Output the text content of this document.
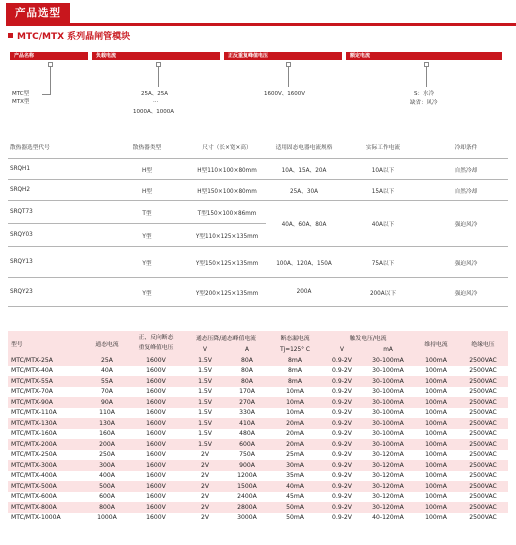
产品选型
MTC/MTX 系列晶闸管模块
产品名称	负载电流	正反重复峰值电压	额定电流
MTC型
MTX型
25A、25A
...
1000A、1000A
1600V、1600V	S：水冷
缺省：风冷
散热器选型代号	散热器类型	尺寸（长×宽×高）	适用固态电器电流规格	实际工作电流	冷却条件
SRQH1	H型	H型110×100×80mm	10A、15A、20A	10A以下	自然冷却
SRQH2	H型	H型150×100×80mm	25A、30A	15A以下	自然冷却
SRQT73	T型	T型150×100×86mm	40A、60A、80A	40A以下	强迫风冷
SRQY03	Y型	Y型110×125×135mm			
SRQY13	Y型	Y型150×125×135mm	100A、120A、150A	75A以下	强迫风冷
SRQY23	Y型	Y型200×125×135mm	200A	200A以下	强迫风冷
型号	通态电流	正、反向断态
重复峰值电压	通态压降/通态峰值电流		断态漏电流	触发电压/电流		维持电流	绝缘电压
			V	A	Tj=125° C	V	mA		
MTC/MTX-25A	25A	1600V	1.5V	80A	8mA	0.9-2V	30-100mA	100mA	2500VAC
MTC/MTX-40A	40A	1600V	1.5V	80A	8mA	0.9-2V	30-100mA	100mA	2500VAC
MTC/MTX-55A	55A	1600V	1.5V	80A	8mA	0.9-2V	30-100mA	100mA	2500VAC
MTC/MTX-70A	70A	1600V	1.5V	170A	10mA	0.9-2V	30-100mA	100mA	2500VAC
MTC/MTX-90A	90A	1600V	1.5V	270A	10mA	0.9-2V	30-100mA	100mA	2500VAC
MTC/MTX-110A	110A	1600V	1.5V	330A	10mA	0.9-2V	30-100mA	100mA	2500VAC
MTC/MTX-130A	130A	1600V	1.5V	410A	20mA	0.9-2V	30-100mA	100mA	2500VAC
MTC/MTX-160A	160A	1600V	1.5V	480A	20mA	0.9-2V	30-100mA	100mA	2500VAC
MTC/MTX-200A	200A	1600V	1.5V	600A	20mA	0.9-2V	30-100mA	100mA	2500VAC
MTC/MTX-250A	250A	1600V	2V	750A	25mA	0.9-2V	30-120mA	100mA	2500VAC
MTC/MTX-300A	300A	1600V	2V	900A	30mA	0.9-2V	30-120mA	100mA	2500VAC
MTC/MTX-400A	400A	1600V	2V	1200A	35mA	0.9-2V	30-120mA	100mA	2500VAC
MTC/MTX-500A	500A	1600V	2V	1500A	40mA	0.9-2V	30-120mA	100mA	2500VAC
MTC/MTX-600A	600A	1600V	2V	2400A	45mA	0.9-2V	30-120mA	100mA	2500VAC
MTC/MTX-800A	800A	1600V	2V	2800A	50mA	0.9-2V	30-120mA	100mA	2500VAC
MTC/MTX-1000A	1000A	1600V	2V	3000A	50mA	0.9-2V	40-120mA	100mA	2500VAC
